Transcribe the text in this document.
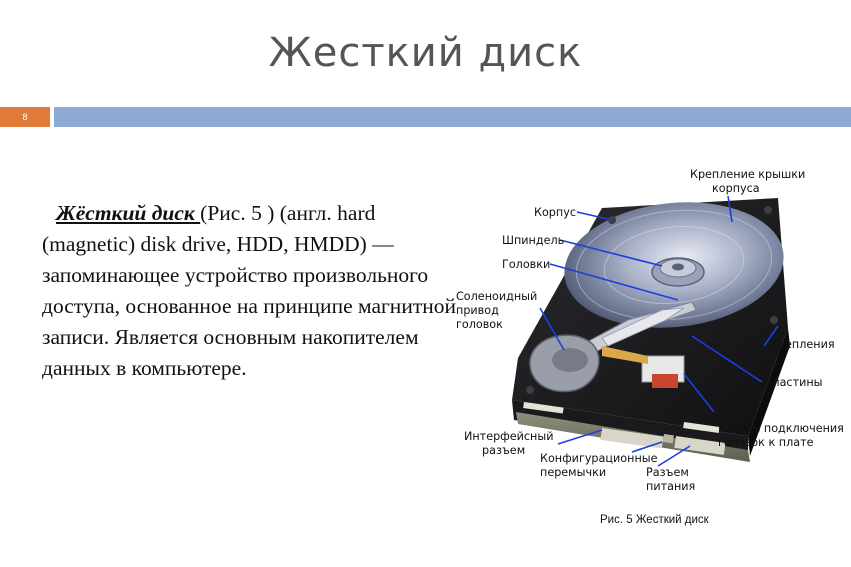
Жесткий диск
8

Жёсткий диск (Рис. 5 ) (англ. hard (magnetic) disk drive, HDD, HMDD) —запоминающее устройство произвольного доступа, основанное на принципе магнитной записи. Является основным накопителем данных в компьютере.

Крепление крышки
корпуса
Корпус
Шпиндель
Головки
Соленоидный
привод
головок
Крепления
Пластины
Кабель подключения
головок к плате
Интерфейсный
разъем
Конфигурационные
перемычки	Разъем
питания
Рис. 5 Жесткий диск
